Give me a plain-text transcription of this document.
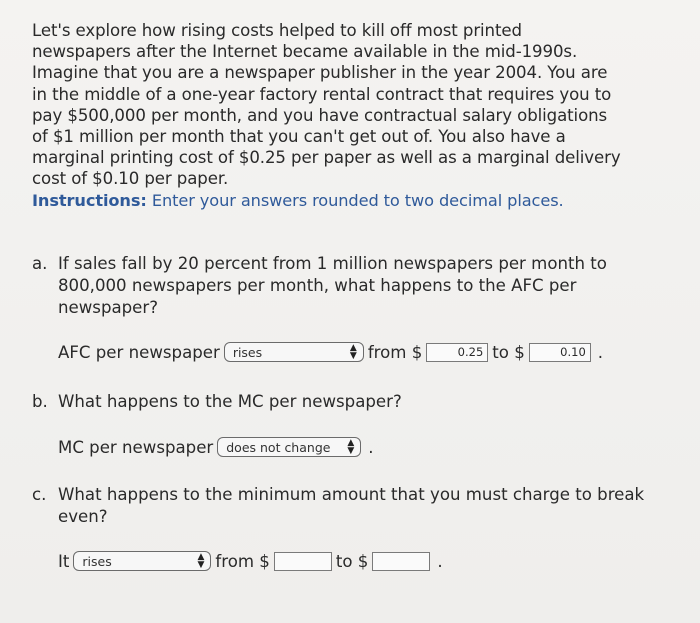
Let's explore how rising costs helped to kill off most printed

newspapers after the Internet became available in the mid-1990s.

Imagine that you are a newspaper publisher in the year 2004. You are

in the middle of a one-year factory rental contract that requires you to

pay $500,000 per month, and you have contractual salary obligations

of $1 million per month that you can't get out of. You also have a

marginal printing cost of $0.25 per paper as well as a marginal delivery

cost of $0.10 per paper.

Instructions: Enter your answers rounded to two decimal places.

a. If sales fall by 20 percent from 1 million newspapers per month to
800,000 newspapers per month, what happens to the AFC per
newspaper?
AFC per newspaper rises	▲
▼ from $	0.25 to $	0.10 .
b. What happens to the MC per newspaper?
MC per newspaper does not change ▲
▼ .
c. What happens to the minimum amount that you must charge to break
even?
It rises	▲
▼ from $	to $	.
